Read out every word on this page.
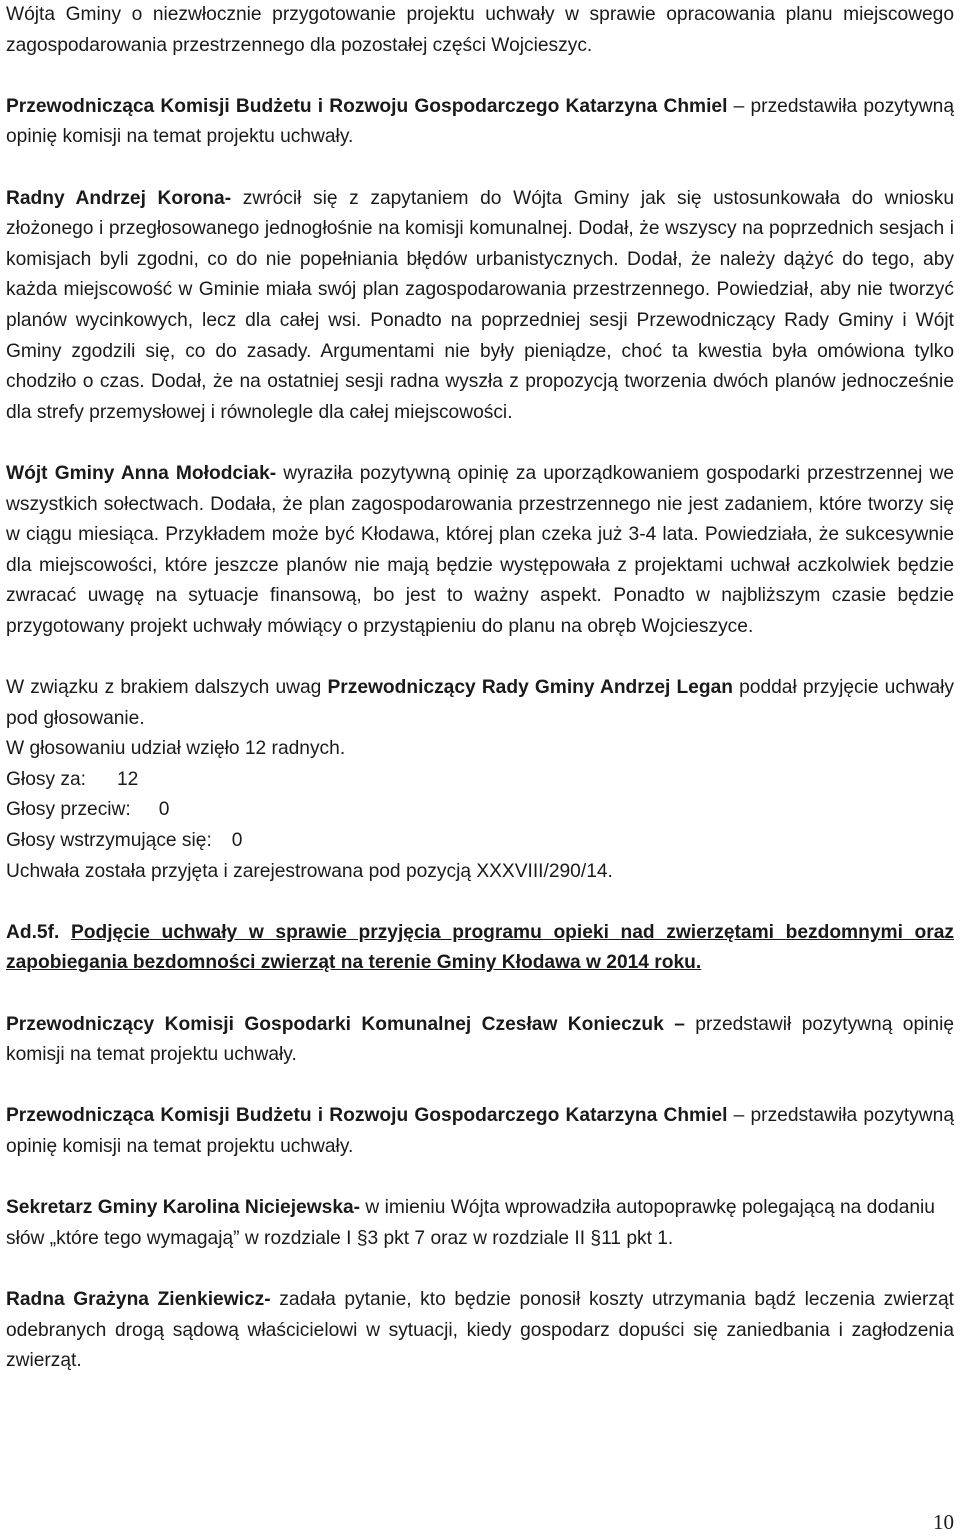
Wójta Gminy o niezwłocznie przygotowanie projektu uchwały w sprawie opracowania planu miejscowego zagospodarowania przestrzennego dla pozostałej części Wojcieszyc.

Przewodnicząca Komisji Budżetu i Rozwoju Gospodarczego Katarzyna Chmiel – przedstawiła pozytywną opinię komisji na temat projektu uchwały.

Radny Andrzej Korona- zwrócił się z zapytaniem do Wójta Gminy jak się ustosunkowała do wniosku złożonego i przegłosowanego jednogłośnie na komisji komunalnej. Dodał, że wszyscy na poprzednich sesjach i komisjach byli zgodni, co do nie popełniania błędów urbanistycznych. Dodał, że należy dążyć do tego, aby każda miejscowość w Gminie miała swój plan zagospodarowania przestrzennego. Powiedział, aby nie tworzyć planów wycinkowych, lecz dla całej wsi. Ponadto na poprzedniej sesji Przewodniczący Rady Gminy i Wójt Gminy zgodzili się, co do zasady. Argumentami nie były pieniądze, choć ta kwestia była omówiona tylko chodziło o czas. Dodał, że na ostatniej sesji radna wyszła z propozycją tworzenia dwóch planów jednocześnie dla strefy przemysłowej i równolegle dla całej miejscowości.

Wójt Gminy Anna Mołodciak- wyraziła pozytywną opinię za uporządkowaniem gospodarki przestrzennej we wszystkich sołectwach. Dodała, że plan zagospodarowania przestrzennego nie jest zadaniem, które tworzy się w ciągu miesiąca. Przykładem może być Kłodawa, której plan czeka już 3-4 lata. Powiedziała, że sukcesywnie dla miejscowości, które jeszcze planów nie mają będzie występowała z projektami uchwał aczkolwiek będzie zwracać uwagę na sytuacje finansową, bo jest to ważny aspekt. Ponadto w najbliższym czasie będzie przygotowany projekt uchwały mówiący o przystąpieniu do planu na obręb Wojcieszyce.

W związku z brakiem dalszych uwag Przewodniczący Rady Gminy Andrzej Legan poddał przyjęcie uchwały pod głosowanie.

W głosowaniu udział wzięło 12 radnych.

Głosy za: 12

Głosy przeciw: 0

Głosy wstrzymujące się: 0

Uchwała została przyjęta i zarejestrowana pod pozycją XXXVIII/290/14.

Ad.5f. Podjęcie uchwały w sprawie przyjęcia programu opieki nad zwierzętami bezdomnymi oraz zapobiegania bezdomności zwierząt na terenie Gminy Kłodawa w 2014 roku.

Przewodniczący Komisji Gospodarki Komunalnej Czesław Konieczuk – przedstawił pozytywną opinię komisji na temat projektu uchwały.

Przewodnicząca Komisji Budżetu i Rozwoju Gospodarczego Katarzyna Chmiel – przedstawiła pozytywną opinię komisji na temat projektu uchwały.

Sekretarz Gminy Karolina Niciejewska- w imieniu Wójta wprowadziła autopoprawkę polegającą na dodaniu słów „które tego wymagają” w rozdziale I §3 pkt 7 oraz w rozdziale II §11 pkt 1.

Radna Grażyna Zienkiewicz- zadała pytanie, kto będzie ponosił koszty utrzymania bądź leczenia zwierząt odebranych drogą sądową właścicielowi w sytuacji, kiedy gospodarz dopuści się zaniedbania i zagłodzenia zwierząt.

10
